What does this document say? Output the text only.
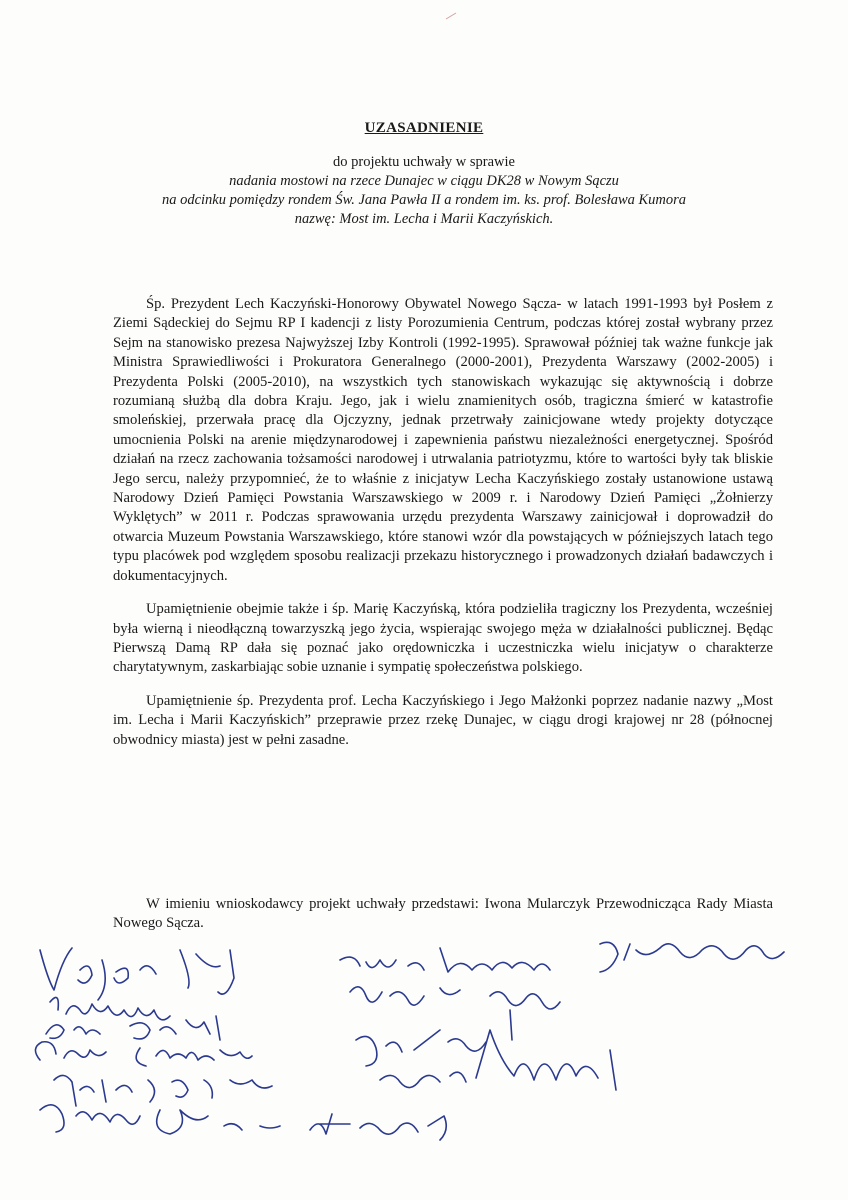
UZASADNIENIE
do projektu uchwały w sprawie
nadania mostowi na rzece Dunajec w ciągu DK28 w Nowym Sączu
na odcinku pomiędzy rondem Św. Jana Pawła II a rondem im. ks. prof. Bolesława Kumora
nazwę: Most im. Lecha i Marii Kaczyńskich.

Śp. Prezydent Lech Kaczyński-Honorowy Obywatel Nowego Sącza- w latach 1991-1993 był Posłem z Ziemi Sądeckiej do Sejmu RP I kadencji z listy Porozumienia Centrum, podczas której został wybrany przez Sejm na stanowisko prezesa Najwyższej Izby Kontroli (1992-1995). Sprawował później tak ważne funkcje jak Ministra Sprawiedliwości i Prokuratora Generalnego (2000-2001), Prezydenta Warszawy (2002-2005) i Prezydenta Polski (2005-2010), na wszystkich tych stanowiskach wykazując się aktywnością i dobrze rozumianą służbą dla dobra Kraju. Jego, jak i wielu znamienitych osób, tragiczna śmierć w katastrofie smoleńskiej, przerwała pracę dla Ojczyzny, jednak przetrwały zainicjowane wtedy projekty dotyczące umocnienia Polski na arenie międzynarodowej i zapewnienia państwu niezależności energetycznej. Spośród działań na rzecz zachowania tożsamości narodowej i utrwalania patriotyzmu, które to wartości były tak bliskie Jego sercu, należy przypomnieć, że to właśnie z inicjatyw Lecha Kaczyńskiego zostały ustanowione ustawą Narodowy Dzień Pamięci Powstania Warszawskiego w 2009 r. i Narodowy Dzień Pamięci „Żołnierzy Wyklętych” w 2011 r. Podczas sprawowania urzędu prezydenta Warszawy zainicjował i doprowadził do otwarcia Muzeum Powstania Warszawskiego, które stanowi wzór dla powstających w późniejszych latach tego typu placówek pod względem sposobu realizacji przekazu historycznego i prowadzonych działań badawczych i dokumentacyjnych.

Upamiętnienie obejmie także i śp. Marię Kaczyńską, która podzieliła tragiczny los Prezydenta, wcześniej była wierną i nieodłączną towarzyszką jego życia, wspierając swojego męża w działalności publicznej. Będąc Pierwszą Damą RP dała się poznać jako orędowniczka i uczestniczka wielu inicjatyw o charakterze charytatywnym, zaskarbiając sobie uznanie i sympatię społeczeństwa polskiego.

Upamiętnienie śp. Prezydenta prof. Lecha Kaczyńskiego i Jego Małżonki poprzez nadanie nazwy „Most im. Lecha i Marii Kaczyńskich” przeprawie przez rzekę Dunajec, w ciągu drogi krajowej nr 28 (północnej obwodnicy miasta) jest w pełni zasadne.

W imieniu wnioskodawcy projekt uchwały przedstawi: Iwona Mularczyk Przewodnicząca Rady Miasta Nowego Sącza.
